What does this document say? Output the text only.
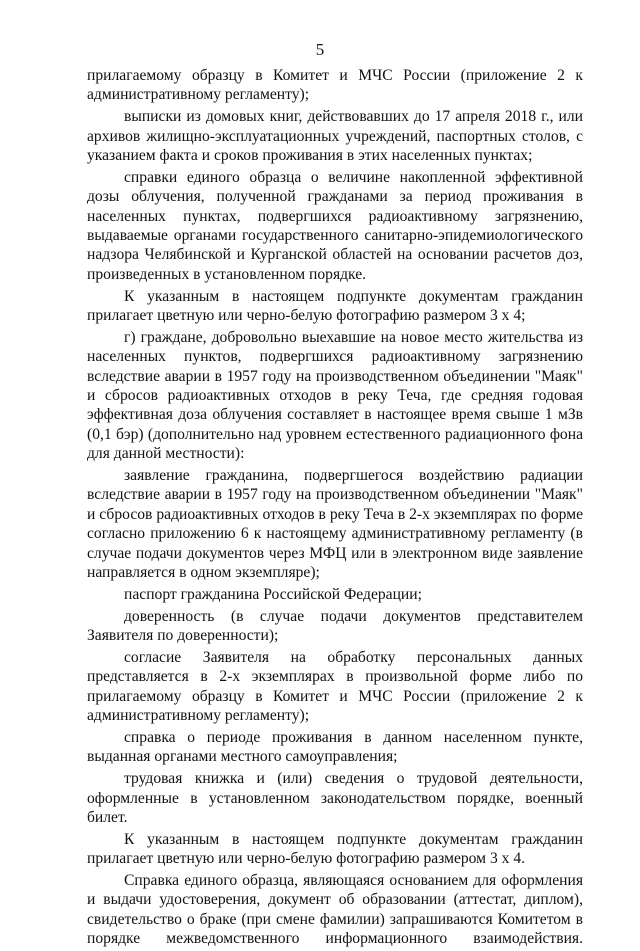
5

прилагаемому образцу в Комитет и МЧС России (приложение 2 к административному регламенту);

выписки из домовых книг, действовавших до 17 апреля 2018 г., или архивов жилищно-эксплуатационных учреждений, паспортных столов, с указанием факта и сроков проживания в этих населенных пунктах;

справки единого образца о величине накопленной эффективной дозы облучения, полученной гражданами за период проживания в населенных пунктах, подвергшихся радиоактивному загрязнению, выдаваемые органами государственного санитарно-эпидемиологического надзора Челябинской и Курганской областей на основании расчетов доз, произведенных в установленном порядке.

К указанным в настоящем подпункте документам гражданин прилагает цветную или черно-белую фотографию размером 3 х 4;

г) граждане, добровольно выехавшие на новое место жительства из населенных пунктов, подвергшихся радиоактивному загрязнению вследствие аварии в 1957 году на производственном объединении "Маяк" и сбросов радиоактивных отходов в реку Теча, где средняя годовая эффективная доза облучения составляет в настоящее время свыше 1 мЗв (0,1 бэр) (дополнительно над уровнем естественного радиационного фона для данной местности):

заявление гражданина, подвергшегося воздействию радиации вследствие аварии в 1957 году на производственном объединении "Маяк" и сбросов радиоактивных отходов в реку Теча в 2-х экземплярах по форме согласно приложению 6 к настоящему административному регламенту (в случае подачи документов через МФЦ или в электронном виде заявление направляется в одном экземпляре);

паспорт гражданина Российской Федерации;

доверенность (в случае подачи документов представителем Заявителя по доверенности);

согласие Заявителя на обработку персональных данных представляется в 2-х экземплярах в произвольной форме либо по прилагаемому образцу в Комитет и МЧС России (приложение 2 к административному регламенту);

справка о периоде проживания в данном населенном пункте, выданная органами местного самоуправления;

трудовая книжка и (или) сведения о трудовой деятельности, оформленные в установленном законодательством порядке, военный билет.

К указанным в настоящем подпункте документам гражданин прилагает цветную или черно-белую фотографию размером 3 х 4.

Справка единого образца, являющаяся основанием для оформления и выдачи удостоверения, документ об образовании (аттестат, диплом), свидетельство о браке (при смене фамилии) запрашиваются Комитетом в порядке межведомственного информационного взаимодействия.
